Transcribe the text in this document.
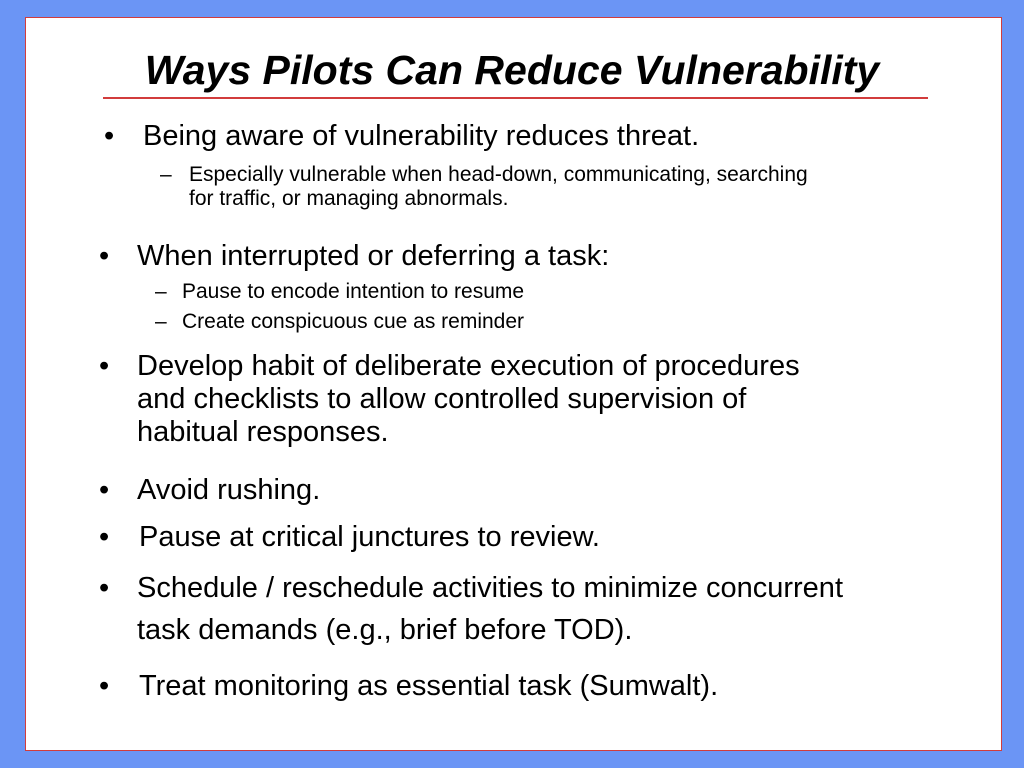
Ways Pilots Can Reduce Vulnerability
• Being aware of vulnerability reduces threat.

– Especially vulnerable when head-down, communicating, searching

for traffic, or managing abnormals.

• When interrupted or deferring a task:

– Pause to encode intention to resume

– Create conspicuous cue as reminder

• Develop habit of deliberate execution of procedures

and checklists to allow controlled supervision of

habitual responses.

• Avoid rushing.

• Pause at critical junctures to review.

• Schedule / reschedule activities to minimize concurrent

task demands (e.g., brief before TOD).

• Treat monitoring as essential task (Sumwalt).
